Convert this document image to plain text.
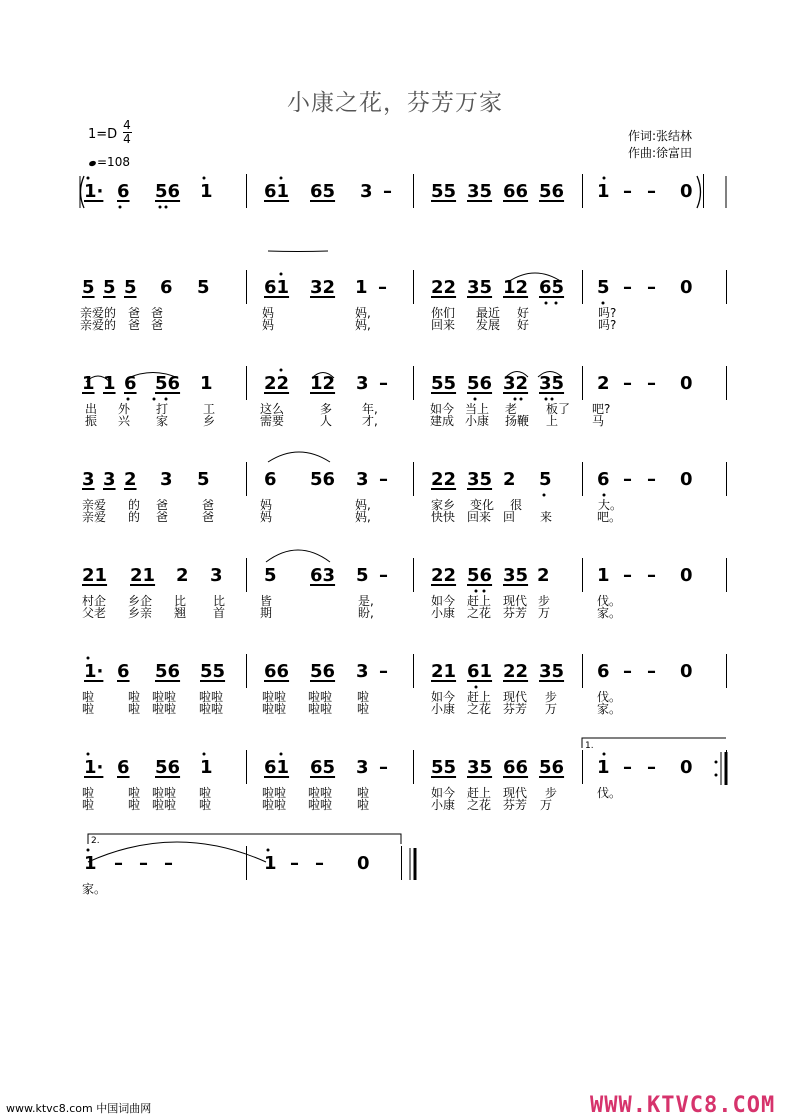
小康之花，芬芳万家
1=D
4
4
=108
作词:张结林
作曲:徐富田
1· 6 56 1	61 65 3 – 55 35 66 56 1 – – 0
5 5 5 6 5	61 32 1 – 22 35 12 65 5 – – 0
亲爱的 爸 爸	妈	妈,	你们 最近 好	吗?
亲爱的 爸 爸	妈	妈,	回来 发展 好	吗?
1 1 6 56 1	22 12 3 – 55 56 32 35 2 – – 0
出 外 打	工	这么	多 年,	如今 当上 老 板了 吧?
振 兴 家	乡	需要	人 才,	建成 小康 扬鞭 上	马
3 3 2 3 5	6 56 3 – 22 35 2 5	6 – – 0
亲爱 的 爸	爸	妈	妈,	家乡 变化 很	大。
亲爱 的 爸	爸	妈	妈,	快快 回来 回 来	吧。
21 21 2 3 5 63 5 – 22 56 35 2	1 – – 0
村企 乡企 比 比	皆	是,	如今 赶上 现代 步	伐。
父老 乡亲 翘 首	期	盼,	小康 之花 芬芳 万	家。
1· 6 56 55 66 56 3 – 21 61 22 35 6 – – 0
啦	啦 啦啦 啦啦	啦啦 啦啦 啦	如今 赶上 现代 步	伐。
啦	啦 啦啦 啦啦	啦啦 啦啦 啦	小康 之花 芬芳 万	家。
1· 6 56 1	61 65 3 – 55 35 66 56 1 – – 0
啦	啦 啦啦 啦	啦啦 啦啦 啦	如今 赶上 现代 步	伐。
啦	啦 啦啦 啦	啦啦 啦啦 啦	小康 之花 芬芳 万
1 – – –	1 – – 0
家。
1.
2.
www.ktvc8.com 中国词曲网	WWW.KTVC8.COM
